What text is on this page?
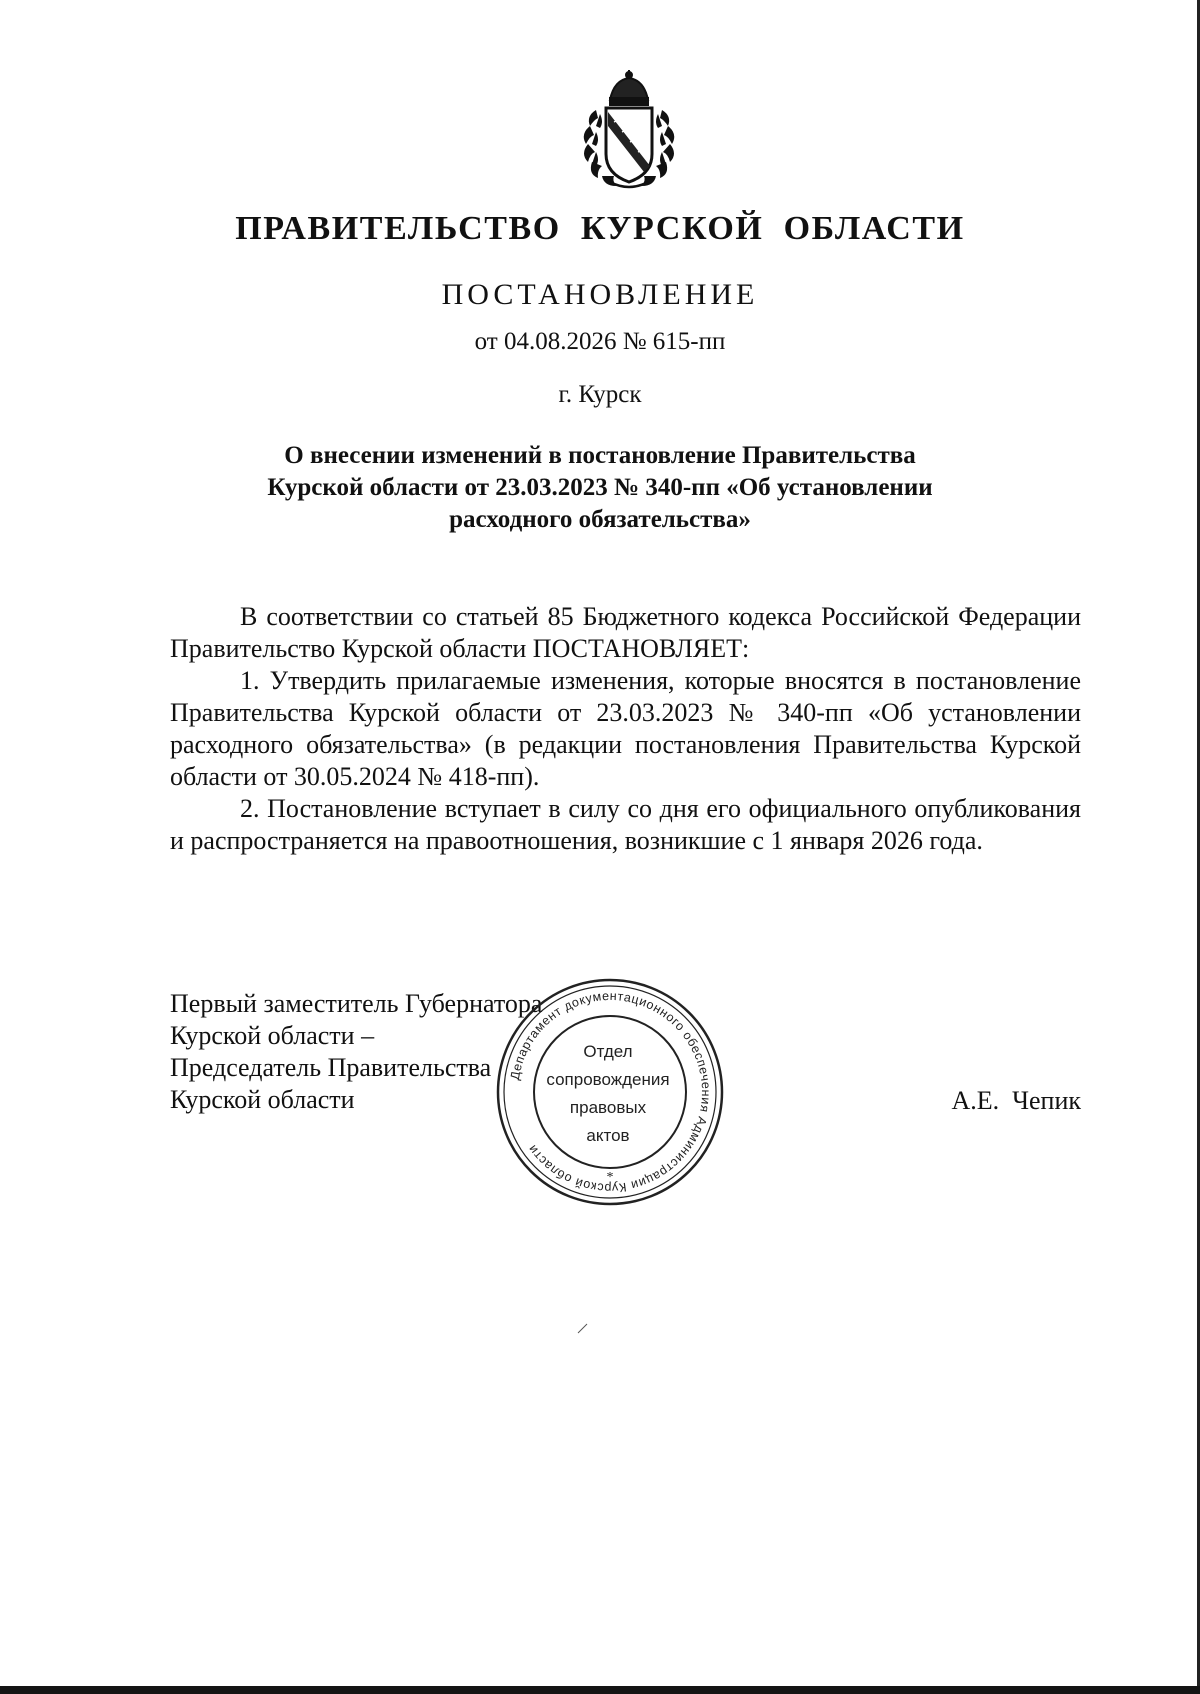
ПРАВИТЕЛЬСТВО КУРСКОЙ ОБЛАСТИ
ПОСТАНОВЛЕНИЕ
от 04.08.2026 № 615-пп
г. Курск
О внесении изменений в постановление Правительства
Курской области от 23.03.2023 № 340-пп «Об установлении
расходного обязательства»

В соответствии со статьей 85 Бюджетного кодекса Российской Федерации Правительство Курской области ПОСТАНОВЛЯЕТ:

1. Утвердить прилагаемые изменения, которые вносятся в постановление Правительства Курской области от 23.03.2023 № 340-пп «Об установлении расходного обязательства» (в редакции постановления Правительства Курской области от 30.05.2024 № 418-пп).

2. Постановление вступает в силу со дня его официального опубликования и распространяется на правоотношения, возникшие с 1 января 2026 года.

Первый заместитель Губернатора
Курской области –
Председатель Правительства
Курской области	А.Е.  Чепик
Департамент документационного обеспечения Администрации Курской области
*
Отдел
сопровождения
правовых
актов
